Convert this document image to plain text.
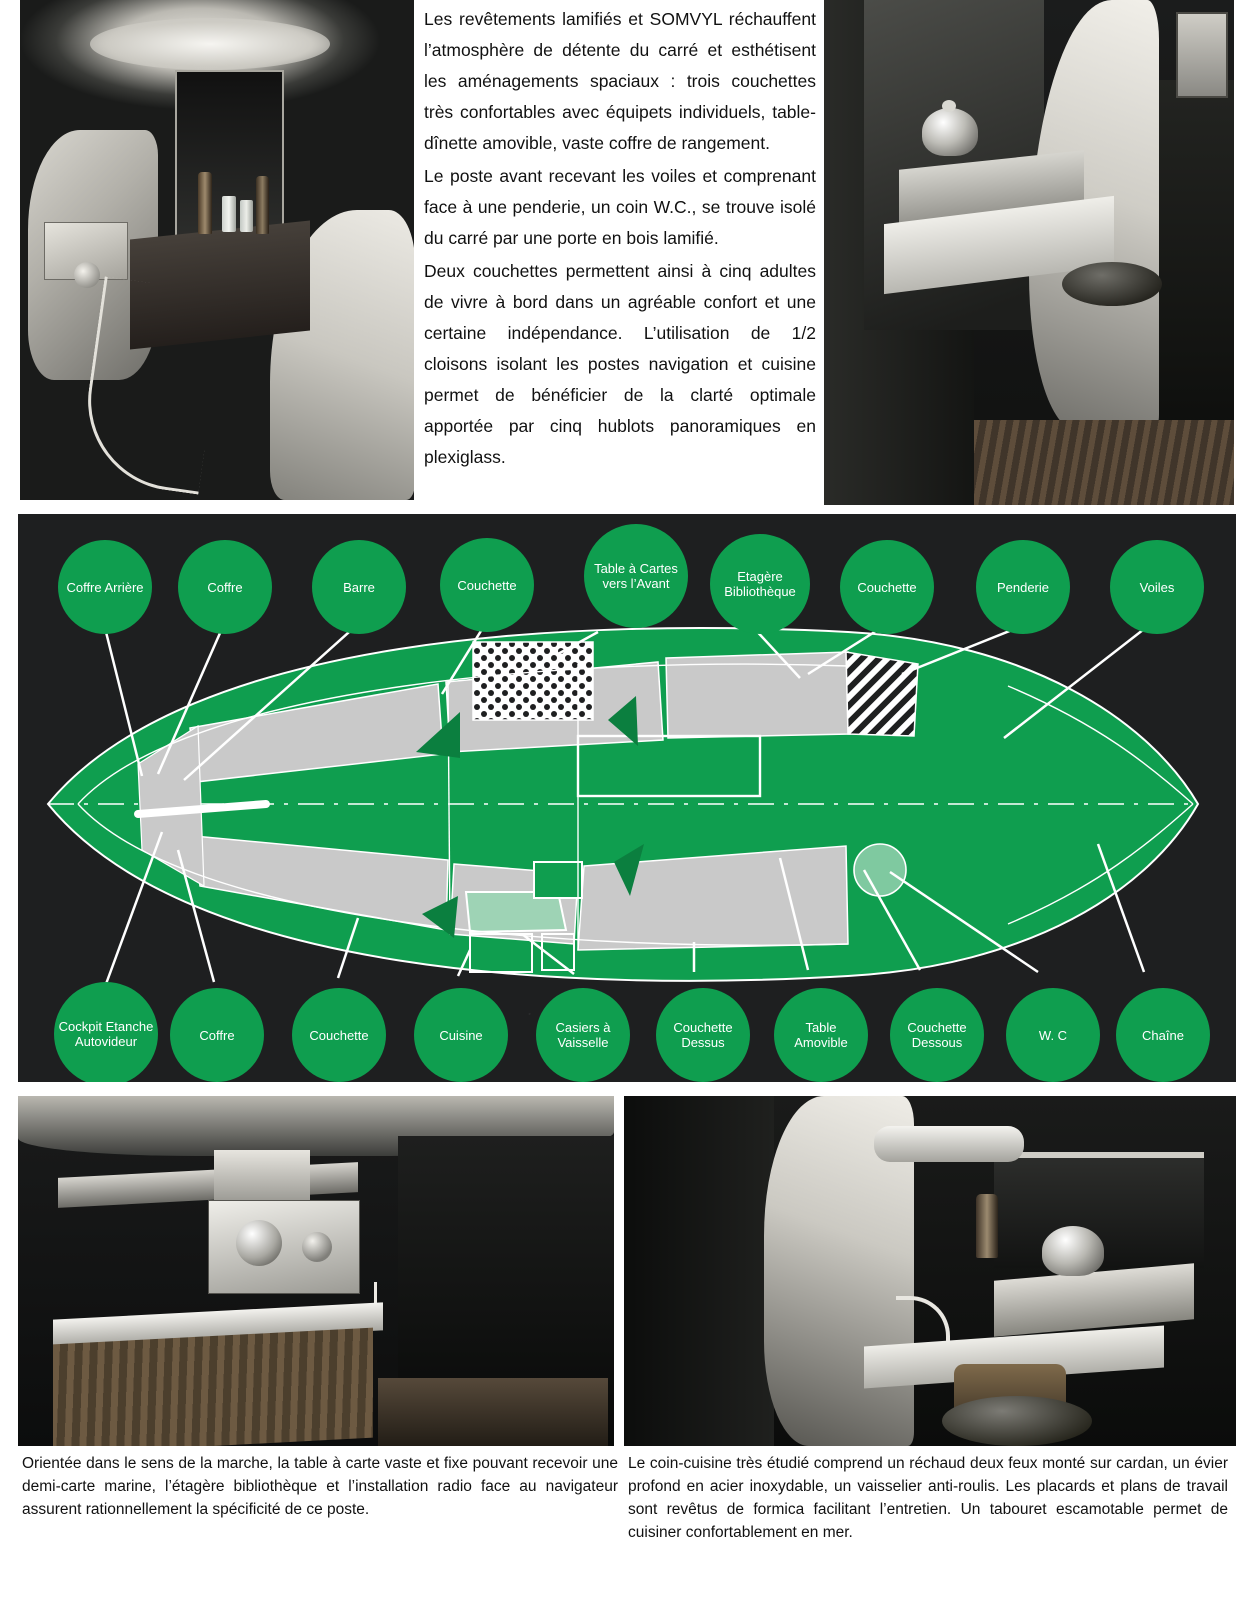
Les revêtements lamifiés et SOMVYL réchauffent l’atmosphère de détente du carré et esthétisent les aménagements spaciaux : trois couchettes très confortables avec équipets individuels, table-dînette amovible, vaste coffre de rangement.

Le poste avant recevant les voiles et comprenant face à une penderie, un coin W.C., se trouve isolé du carré par une porte en bois lamifié.

Deux couchettes permettent ainsi à cinq adultes de vivre à bord dans un agréable confort et une certaine indépendance. L’utilisation de 1/2 cloisons isolant les postes navigation et cuisine permet de bénéficier de la clarté optimale apportée par cinq hublots panoramiques en plexiglass.

Coffre Arrière	Coffre	Barre	Couchette
Table à Cartes vers l’Avant	Etagère Bibliothèque	Couchette	Penderie	Voiles
Cockpit Etanche Autovideur	Coffre	Couchette	Cuisine	Casiers à Vaisselle
Couchette Dessus
Table Amovible
Couchette Dessous	W. C	Chaîne

Orientée dans le sens de la marche, la table à carte vaste et fixe pouvant recevoir une demi-carte marine, l’étagère bibliothèque et l’installation radio face au navigateur assurent rationnellement la spécificité de ce poste.

Le coin-cuisine très étudié comprend un réchaud deux feux monté sur cardan, un évier profond en acier inoxydable, un vaisselier anti-roulis. Les placards et plans de travail sont revêtus de formica facilitant l’entretien. Un tabouret escamotable permet de cuisiner confortablement en mer.
